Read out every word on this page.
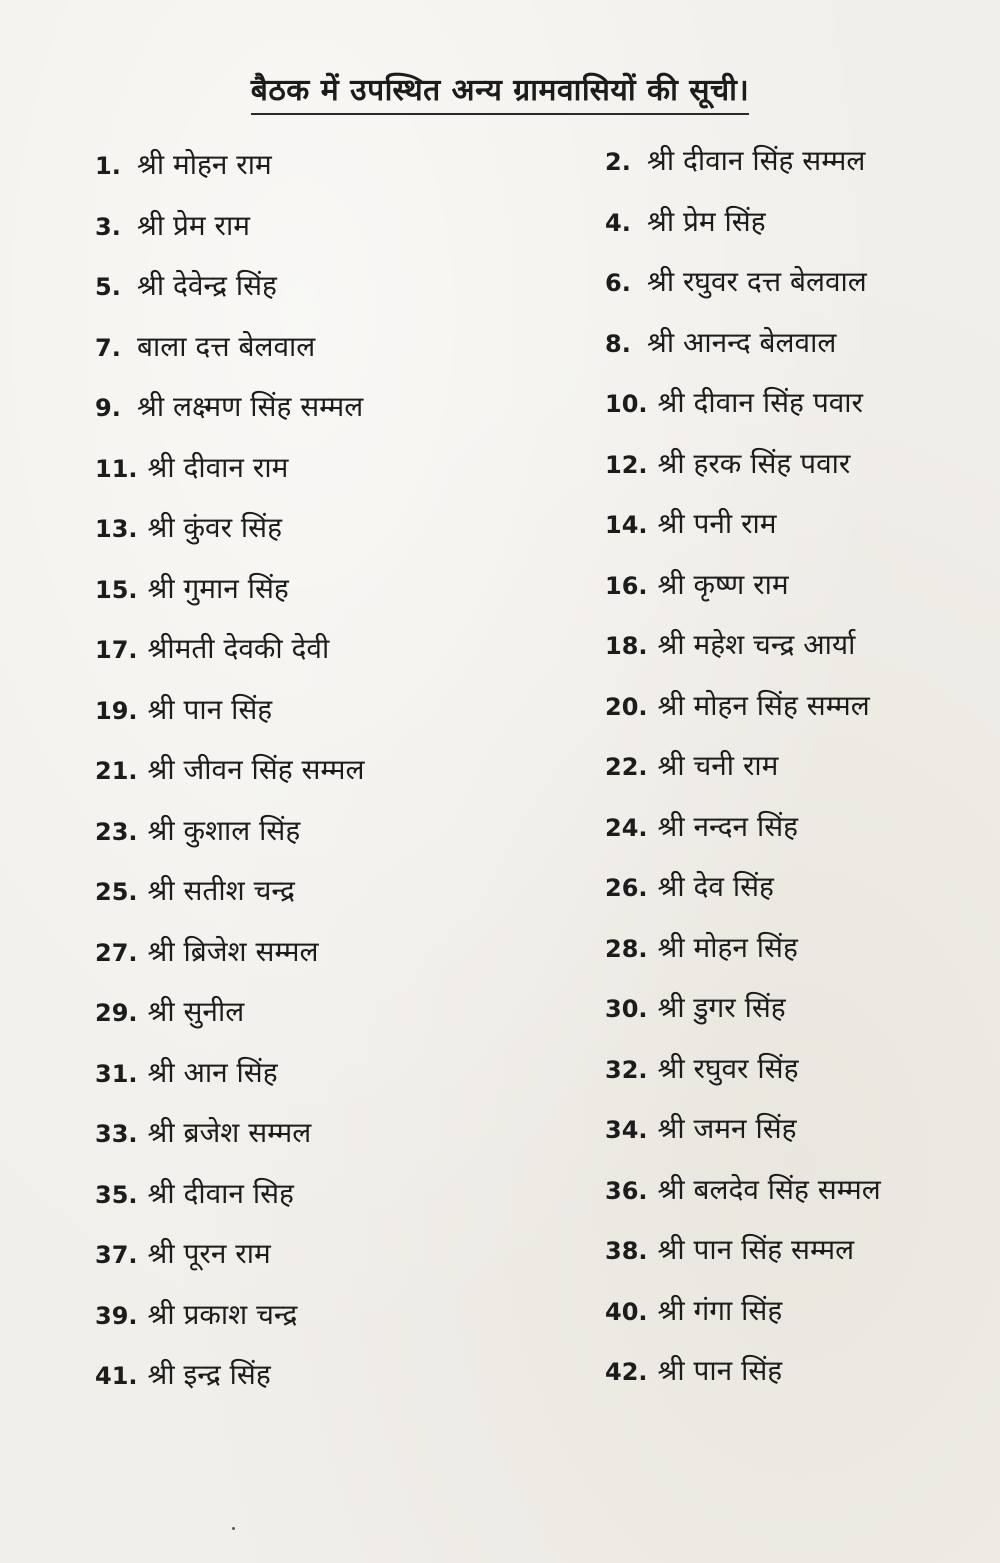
बैठक में उपस्थित अन्य ग्रामवासियों की सूची।
1. श्री मोहन राम	2. श्री दीवान सिंह सम्मल
3. श्री प्रेम राम	4. श्री प्रेम सिंह
5. श्री देवेन्द्र सिंह	6. श्री रघुवर दत्त बेलवाल
7. बाला दत्त बेलवाल	8. श्री आनन्द बेलवाल
9. श्री लक्ष्मण सिंह सम्मल	10. श्री दीवान सिंह पवार
11. श्री दीवान राम	12. श्री हरक सिंह पवार
13. श्री कुंवर सिंह	14. श्री पनी राम
15. श्री गुमान सिंह	16. श्री कृष्ण राम
17. श्रीमती देवकी देवी	18. श्री महेश चन्द्र आर्या
19. श्री पान सिंह	20. श्री मोहन सिंह सम्मल
21. श्री जीवन सिंह सम्मल	22. श्री चनी राम
23. श्री कुशाल सिंह	24. श्री नन्दन सिंह
25. श्री सतीश चन्द्र	26. श्री देव सिंह
27. श्री ब्रिजेश सम्मल	28. श्री मोहन सिंह
29. श्री सुनील	30. श्री डुगर सिंह
31. श्री आन सिंह	32. श्री रघुवर सिंह
33. श्री ब्रजेश सम्मल	34. श्री जमन सिंह
35. श्री दीवान सिह	36. श्री बलदेव सिंह सम्मल
37. श्री पूरन राम	38. श्री पान सिंह सम्मल
39. श्री प्रकाश चन्द्र	40. श्री गंगा सिंह
41. श्री इन्द्र सिंह	42. श्री पान सिंह
